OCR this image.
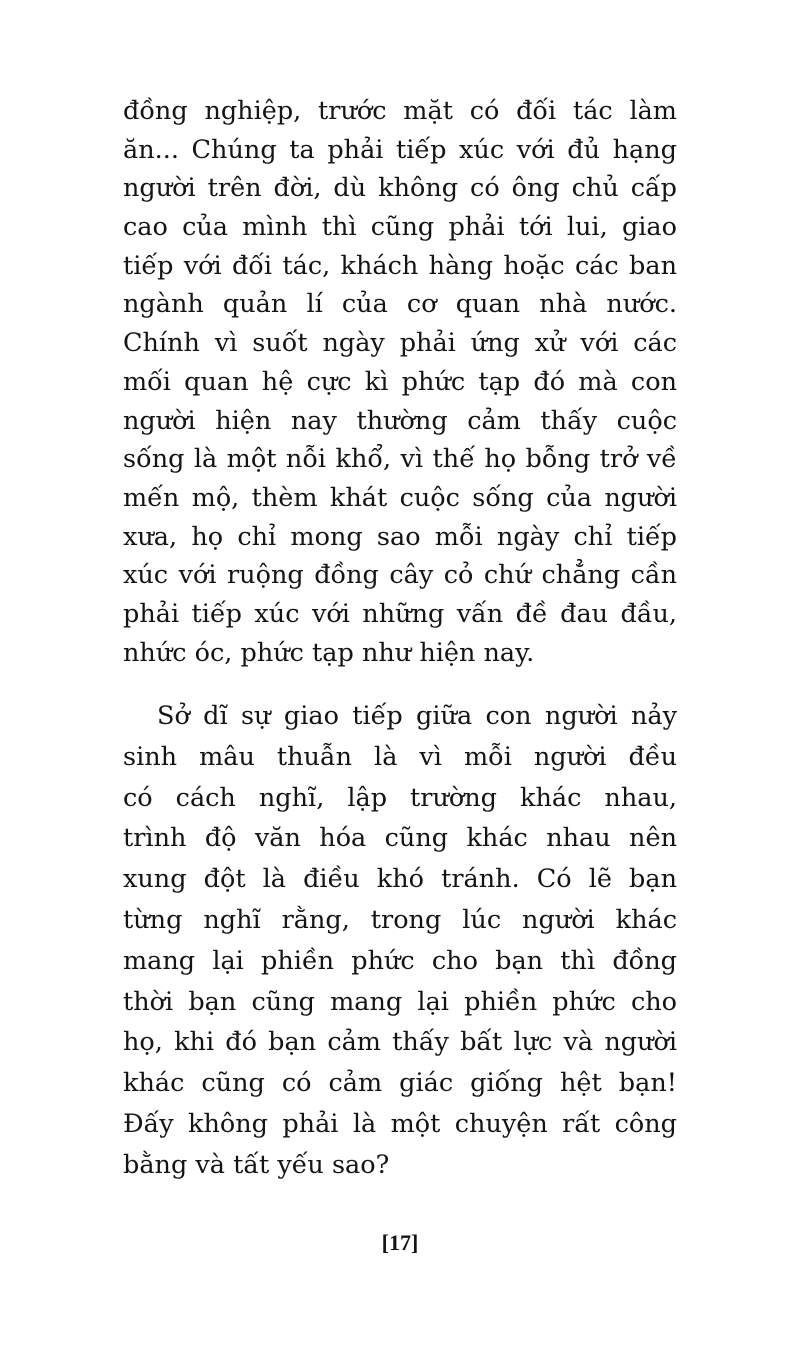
đồng nghiệp, trước mặt có đối tác làm
ăn... Chúng ta phải tiếp xúc với đủ hạng
người trên đời, dù không có ông chủ cấp
cao của mình thì cũng phải tới lui, giao
tiếp với đối tác, khách hàng hoặc các ban
ngành quản lí của cơ quan nhà nước.
Chính vì suốt ngày phải ứng xử với các
mối quan hệ cực kì phức tạp đó mà con
người hiện nay thường cảm thấy cuộc
sống là một nỗi khổ, vì thế họ bỗng trở về
mến mộ, thèm khát cuộc sống của người
xưa, họ chỉ mong sao mỗi ngày chỉ tiếp
xúc với ruộng đồng cây cỏ chứ chẳng cần
phải tiếp xúc với những vấn đề đau đầu,
nhức óc, phức tạp như hiện nay.
Sở dĩ sự giao tiếp giữa con người nảy
sinh mâu thuẫn là vì mỗi người đều
có cách nghĩ, lập trường khác nhau,
trình độ văn hóa cũng khác nhau nên
xung đột là điều khó tránh. Có lẽ bạn
từng nghĩ rằng, trong lúc người khác
mang lại phiền phức cho bạn thì đồng
thời bạn cũng mang lại phiền phức cho
họ, khi đó bạn cảm thấy bất lực và người
khác cũng có cảm giác giống hệt bạn!
Đấy không phải là một chuyện rất công
bằng và tất yếu sao?
[17]
